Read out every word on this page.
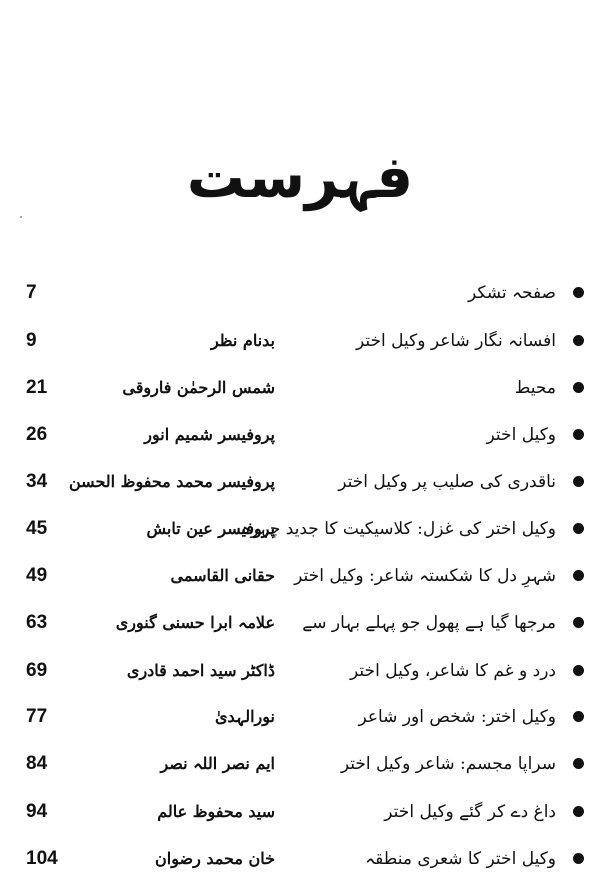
فہرست
صفحہ تشکر
7
افسانہ نگار شاعر وکیل اختر
بدنام نظر
9
محیط
شمس الرحمٰن فاروقی
21
وکیل اختر
پروفیسر شمیم انور
26
ناقدری کی صلیب پر وکیل اختر
پروفیسر محمد محفوظ الحسن
34
وکیل اختر کی غزل: کلاسیکیت کا جدید چہرہ
پروفیسر عین تابش
45
شہرِ دل کا شکستہ شاعر: وکیل اختر
حقانی القاسمی
49
مرجھا گیا ہے پھول جو پہلے بہار سے
علامہ ابرا حسنی گنوری
63
درد و غم کا شاعر، وکیل اختر
ڈاکٹر سید احمد قادری
69
وکیل اختر: شخص اور شاعر
نورالہدیٰ
77
سراپا مجسم: شاعر وکیل اختر
ایم نصر اللہ نصر
84
داغ دے کر گئے وکیل اختر
سید محفوظ عالم
94
وکیل اختر کا شعری منطقہ
خان محمد رضوان
104
